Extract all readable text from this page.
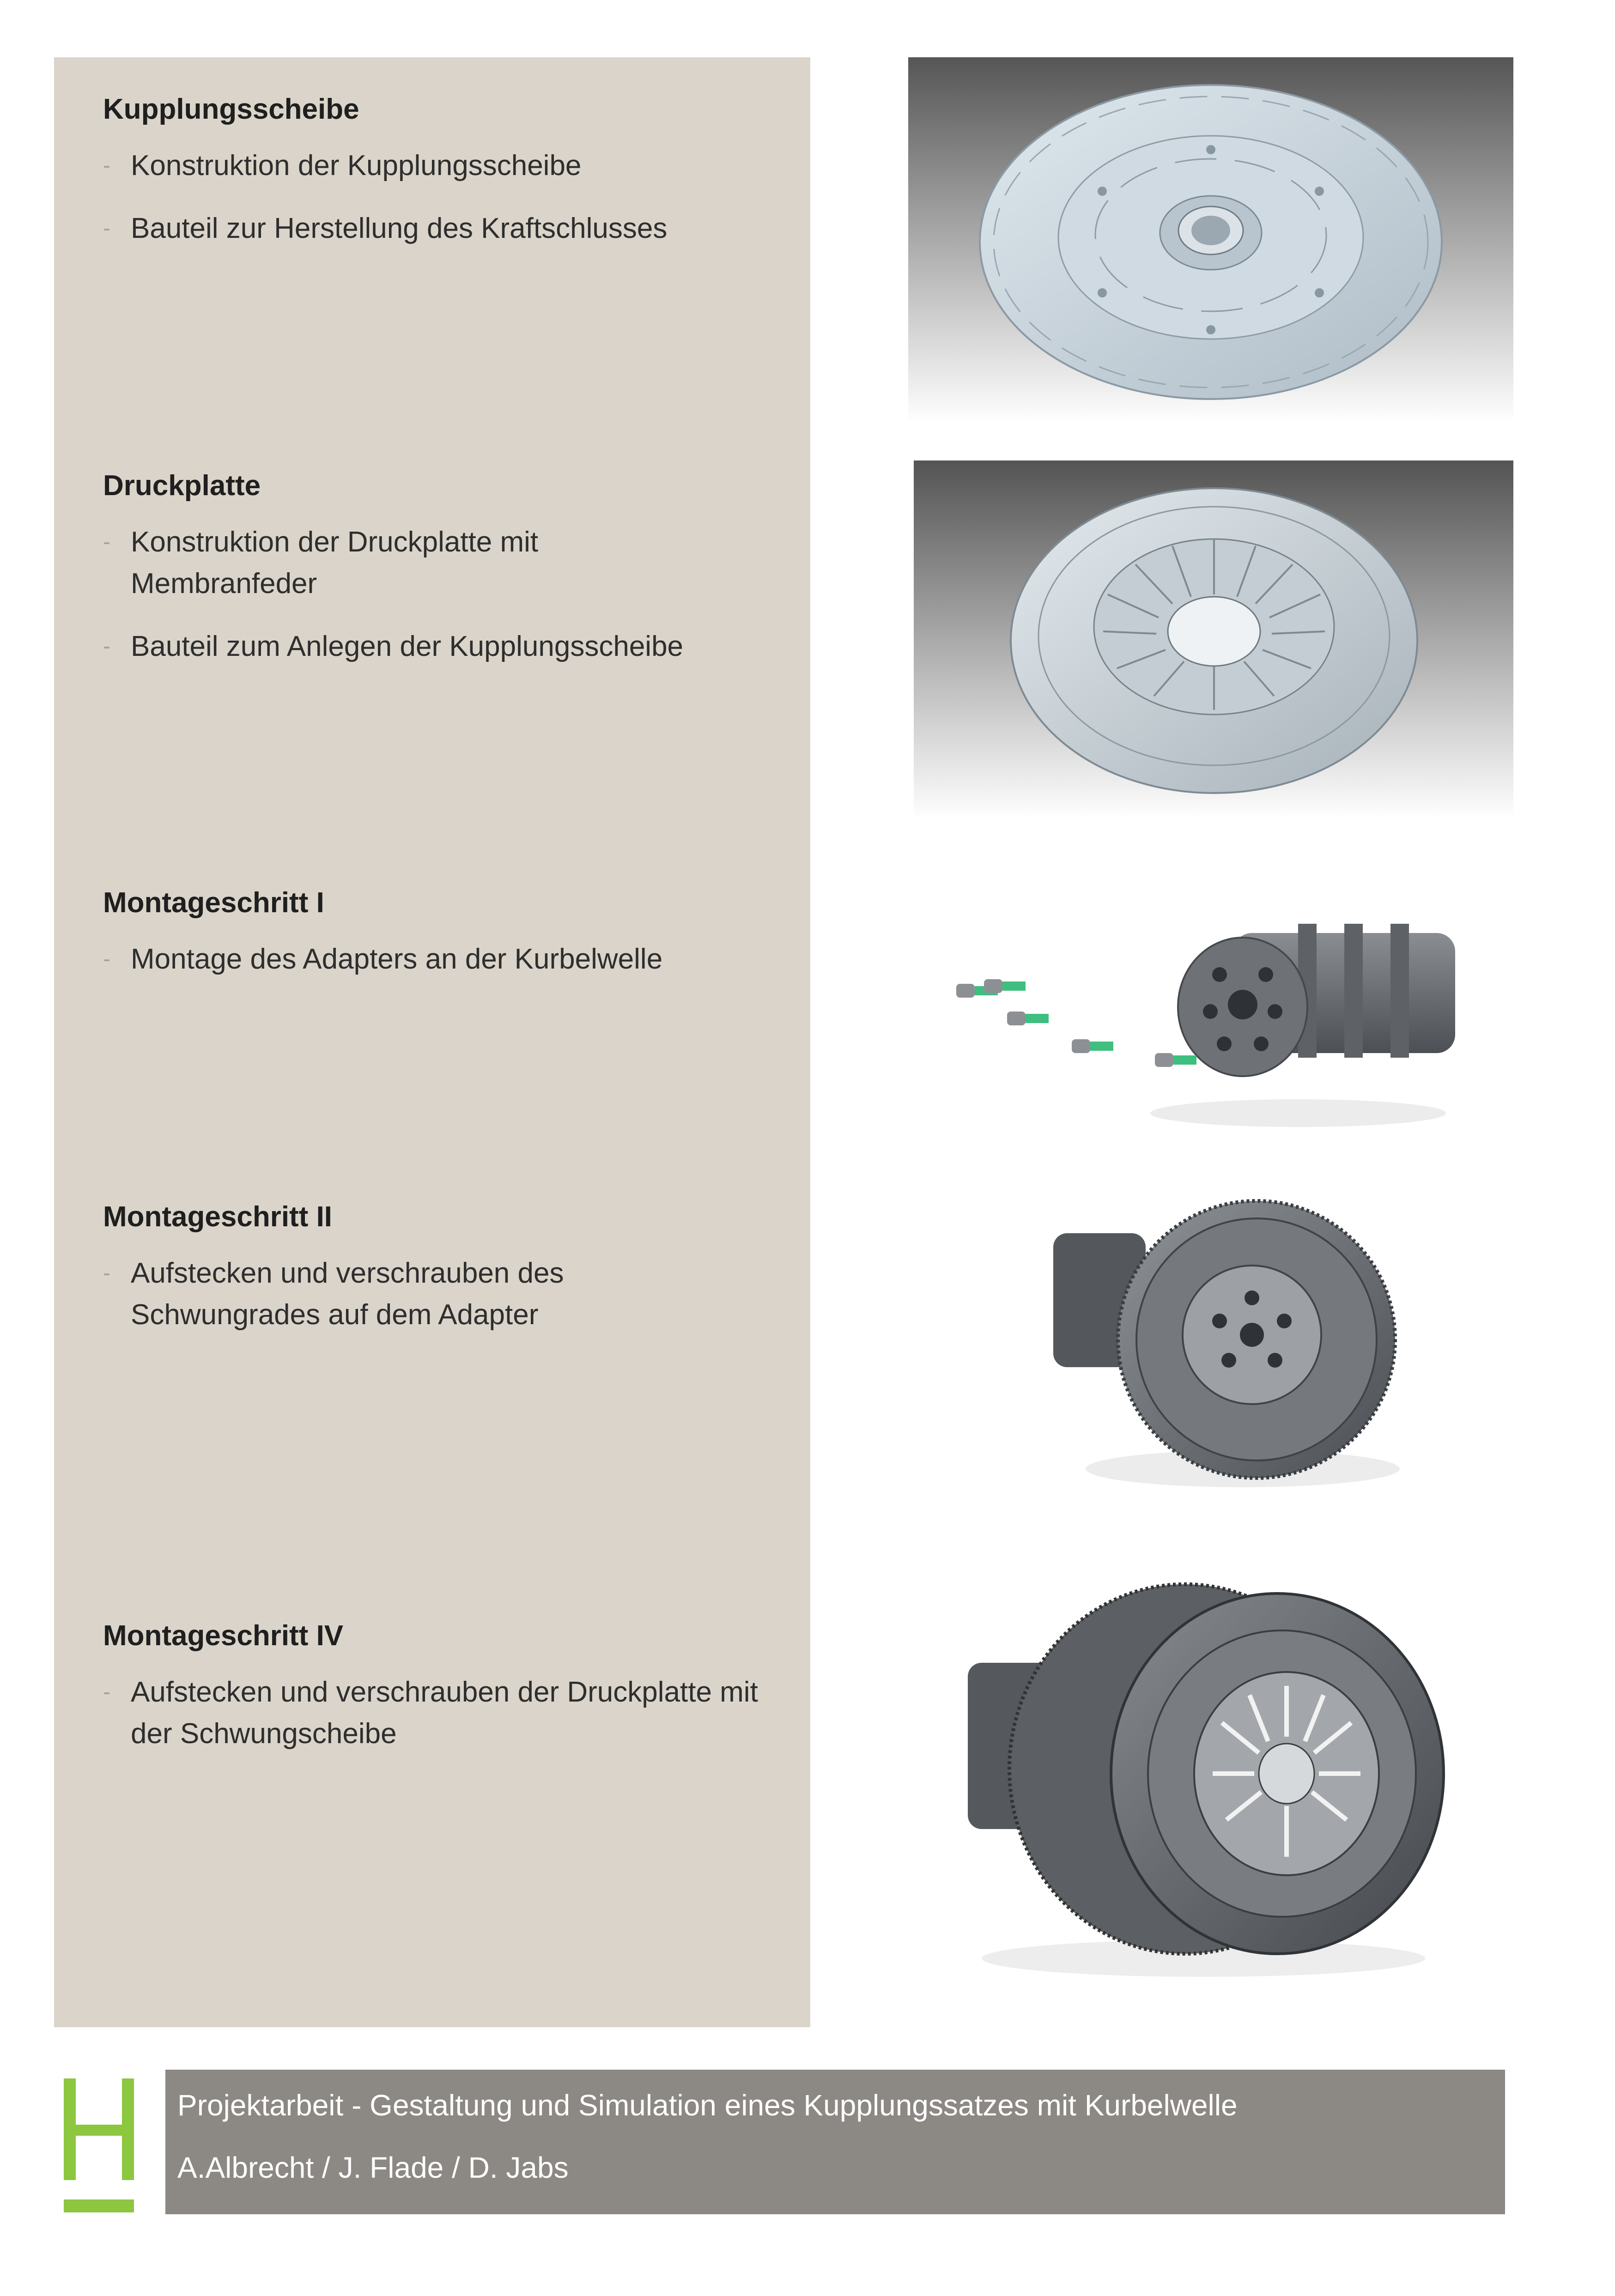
Kupplungsscheibe
- Konstruktion der Kupplungsscheibe
- Bauteil zur Herstellung des Kraftschlusses
Druckplatte
- Konstruktion der Druckplatte mit Membranfeder
- Bauteil zum Anlegen der Kupplungsscheibe
Montageschritt I
- Montage des Adapters an der Kurbelwelle
Montageschritt II
- Aufstecken und verschrauben des Schwungrades auf dem Adapter
Montageschritt IV
- Aufstecken und verschrauben der Druckplatte mit der Schwungscheibe
Projektarbeit - Gestaltung und Simulation eines Kupplungssatzes mit Kurbelwelle
A.Albrecht / J. Flade / D. Jabs
